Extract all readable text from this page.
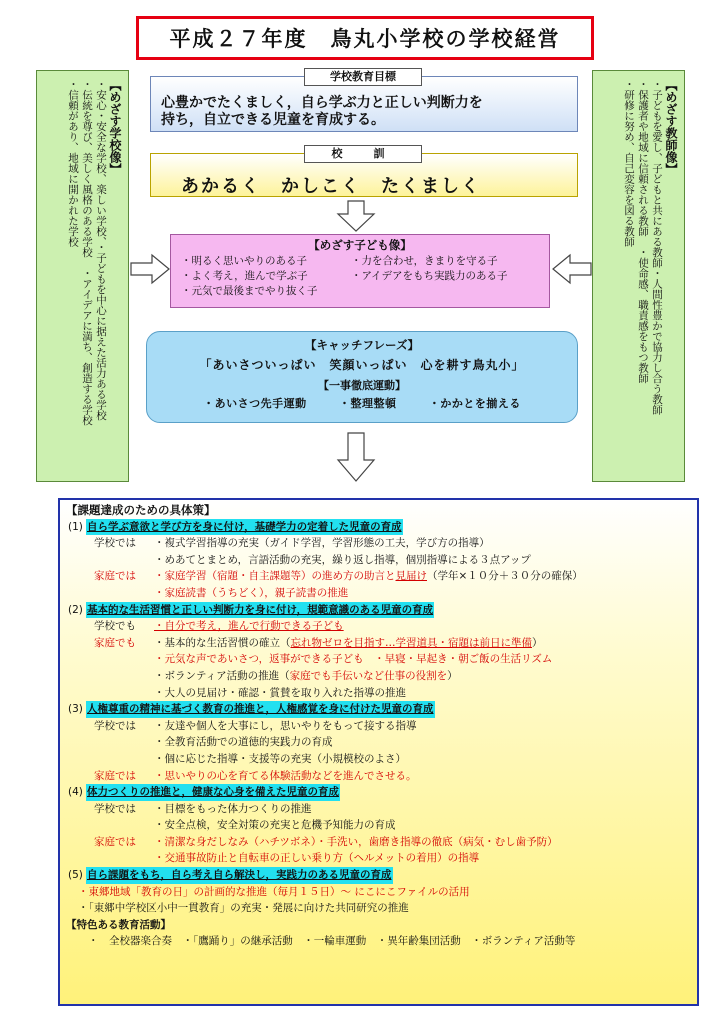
平成２７年度　鳥丸小学校の学校経営
【めざす学校像】
・安心・安全な学校、楽しい学校、・子どもを中心に据えた活力ある学校
・伝統を尊び、美しく風格のある学校　・アイデアに満ち、創造する学校
・信頼があり、地域に開かれた学校	【めざす教師像】
・子どもを愛し、子どもと共にある教師・人間性豊かで協力し合う教師
・保護者や地域に信頼される教師　・使命感、職責感をもつ教師
・研修に努め、自己変容を図る教師
心豊かでたくましく，自ら学ぶ力と正しい判断力を
持ち，自立できる児童を育成する。
学校教育目標
あかるく　かしこく　たくましく
校　訓
【めざす子ども像】
・明るく思いやりのある子	・力を合わせ，きまりを守る子
・よく考え，進んで学ぶ子	・アイデアをもち実践力のある子
・元気で最後までやり抜く子
【キャッチフレーズ】
「あいさついっぱい　笑顔いっぱい　心を耕す鳥丸小」
【一事徹底運動】
・あいさつ先手運動	・整理整頓	・かかとを揃える
【課題達成のための具体策】
(1) 自ら学ぶ意欲と学び方を身に付け，基礎学力の定着した児童の育成
学校では ・複式学習指導の充実（ガイド学習，学習形態の工夫，学び方の指導）
・めあてとまとめ，言語活動の充実，繰り返し指導，個別指導による３点アップ
家庭では ・家庭学習（宿題・自主課題等）の進め方の助言と見届け（学年×１０分＋３０分の確保）
・家庭読書（うちどく），親子読書の推進
(2) 基本的な生活習慣と正しい判断力を身に付け，規範意識のある児童の育成
学校でも ・自分で考え，進んで行動できる子ども
家庭でも ・基本的な生活習慣の確立（忘れ物ゼロを目指す…学習道具・宿題は前日に準備）
・元気な声であいさつ，返事ができる子ども　・早寝・早起き・朝ご飯の生活リズム
・ボランティア活動の推進（家庭でも手伝いなど仕事の役割を）
・大人の見届け・確認・賞賛を取り入れた指導の推進
(3) 人権尊重の精神に基づく教育の推進と，人権感覚を身に付けた児童の育成
学校では ・友達や個人を大事にし，思いやりをもって接する指導
・全教育活動での道徳的実践力の育成
・個に応じた指導・支援等の充実（小規模校のよさ）
家庭では ・思いやりの心を育てる体験活動などを進んでさせる。
(4) 体力つくりの推進と，健康な心身を備えた児童の育成
学校では ・目標をもった体力つくりの推進
・安全点検，安全対策の充実と危機予知能力の育成
家庭では ・清潔な身だしなみ（ハチツボネ）・手洗い，歯磨き指導の徹底（病気・むし歯予防）
・交通事故防止と自転車の正しい乗り方（ヘルメットの着用）の指導
(5) 自ら課題をもち，自ら考え自ら解決し，実践力のある児童の育成
・東郷地域「教育の日」の計画的な推進（毎月１５日）～ にこにこファイルの活用
・「東郷中学校区小中一貫教育」の充実・発展に向けた共同研究の推進
【特色ある教育活動】
・　全校器楽合奏　・「鷹踊り」の継承活動　・一輪車運動　・異年齢集団活動　・ボランティア活動等
